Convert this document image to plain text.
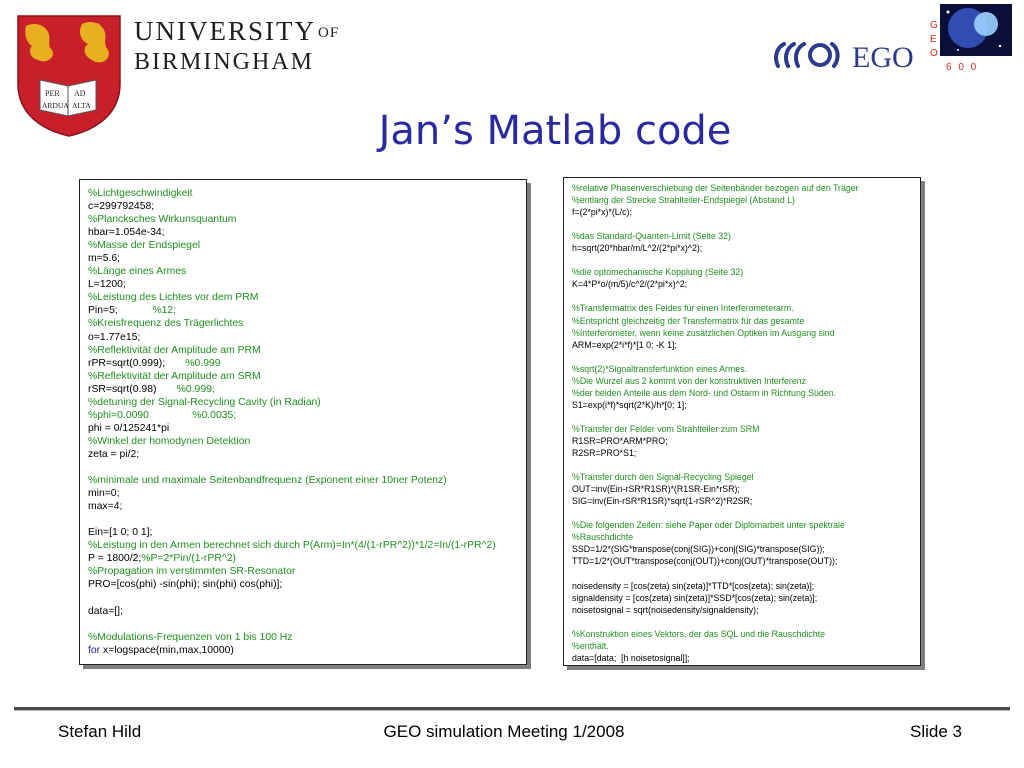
PER AD
ARDUA ALTA
UNIVERSITY OF
BIRMINGHAM	EGO
G
E
O
6 0 0
Jan’s Matlab code
%Lichtgeschwindigkeit
c=299792458;
%Plancksches Wirkunsquantum
hbar=1.054e-34;
%Masse der Endspiegel
m=5.6;
%Länge eines Armes
L=1200;
%Leistung des Lichtes vor dem PRM
Pin=5;            %12;
%Kreisfrequenz des Trägerlichtes
o=1.77e15;
%Reflektivität der Amplitude am PRM
rPR=sqrt(0.999);       %0.999
%Reflektivität der Amplitude am SRM
rSR=sqrt(0.98)       %0.999;
%detuning der Signal-Recycling Cavity (in Radian)
%phi=0.0090               %0.0035;
phi = 0/125241*pi
%Winkel der homodynen Detektion
zeta = pi/2;

%minimale und maximale Seitenbandfrequenz (Exponent einer 10ner Potenz)
min=0;
max=4;

Ein=[1 0; 0 1];
%Leistung in den Armen berechnet sich durch P(Arm)=In*(4/(1-rPR^2))*1/2=In/(1-rPR^2)
P = 1800/2;%P=2*Pin/(1-rPR^2)
%Propagation im verstimmten SR-Resonator
PRO=[cos(phi) -sin(phi); sin(phi) cos(phi)];

data=[];

%Modulations-Frequenzen von 1 bis 100 Hz
for x=logspace(min,max,10000)
%relative Phasenverschiebung der Seitenbänder bezogen auf den Träger
%entlang der Strecke Strahlteiler-Endspiegel (Abstand L)
f=(2*pi*x)*(L/c);

%das Standard-Quanten-Limit (Seite 32)
h=sqrt(20*hbar/m/L^2/(2*pi*x)^2);

%die optomechanische Kopplung (Seite 32)
K=4*P*o/(m/5)/c^2/(2*pi*x)^2;

%Transfermatrix des Feldes für einen Interferometerarm.
%Entspricht gleichzeitig der Transfermatrix für das gesamte
%Interferometer, wenn keine zusätzlichen Optiken im Ausgang sind
ARM=exp(2*i*f)*[1 0; -K 1];

%sqrt(2)*Signaltransferfunktion eines Armes.
%Die Wurzel aus 2 kommt von der konstruktiven Interferenz
%der beiden Anteile aus dem Nord- und Ostarm in Richtung Süden.
S1=exp(i*f)*sqrt(2*K)/h*[0; 1];

%Transfer der Felder vom Strahlteiler zum SRM
R1SR=PRO*ARM*PRO;
R2SR=PRO*S1;

%Transfer durch den Signal-Recycling Spiegel
OUT=inv(Ein-rSR*R1SR)*(R1SR-Ein*rSR);
SIG=inv(Ein-rSR*R1SR)*sqrt(1-rSR^2)*R2SR;

%Die folgenden Zeilen: siehe Paper oder Diplomarbeit unter spektrale
%Rauschdichte
SSD=1/2*(SIG*transpose(conj(SIG))+conj(SIG)*transpose(SIG));
TTD=1/2*(OUT*transpose(conj(OUT))+conj(OUT)*transpose(OUT));

noisedensity = [cos(zeta) sin(zeta)]*TTD*[cos(zeta); sin(zeta)];
signaldensity = [cos(zeta) sin(zeta)]*SSD*[cos(zeta); sin(zeta)];
noisetosignal = sqrt(noisedensity/signaldensity);

%Konstruktion eines Vektors, der das SQL und die Rauschdichte
%enthält.
data=[data;  [h noisetosignal]];
Stefan Hild	GEO simulation Meeting 1/2008	Slide 3
